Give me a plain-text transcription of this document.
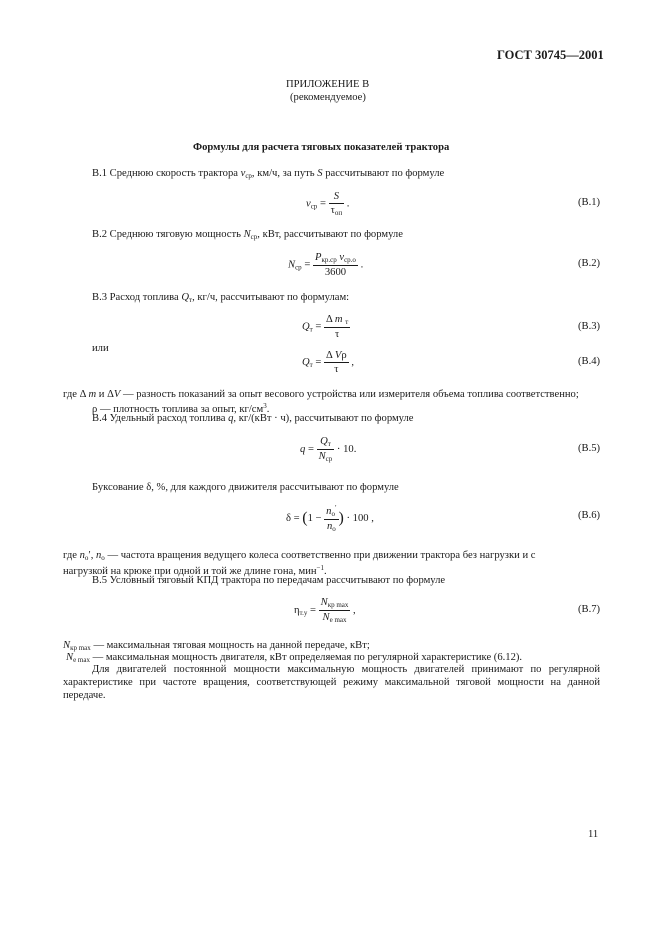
ГОСТ 30745—2001
ПРИЛОЖЕНИЕ В
(рекомендуемое)
Формулы для расчета тяговых показателей трактора
В.1 Среднюю скорость трактора $v_{ср}$, км/ч, за путь S рассчитывают по формуле
$v_{ср} = \frac{S}{\tau_{оп}}$ .	(В.1)
В.2 Среднюю тяговую мощность $N_{ср}$, кВт, рассчитывают по формуле
$N_{ср} = \frac{P_{кр.ср} v_{ср.о}}{3600}$ .	(В.2)
В.3 Расход топлива $Q_т$, кг/ч, рассчитывают по формулам:
$Q_т = \frac{\Delta m _т}{\tau}$	(В.3)
или
$Q_т = \frac{\text{Δ Vρ}}{\tau}$ ,	(В.4)
где Δ m и ΔV — разность показаний за опыт весового устройства или измерителя объема топлива соответственно;
ρ — плотность топлива за опыт, $кг/см^3$.
В.4 Удельный расход топлива q, кг/(кВт · ч), рассчитывают по формуле
$q = \frac{Q_т}{N_{ср}} \cdot 10$.	(В.5)
Буксование δ, %, для каждого движителя рассчитывают по формуле
$\delta = (1 - \frac{n_o'}{n_o}$ ) · 100 ,	(В.6)
где $n_o'$, $n_o$ — частота вращения ведущего колеса соответственно при движении трактора без нагрузки и с
нагрузкой на крюке при одной и той же длине гона, мин$^{-1}$.
В.5 Условный тяговый КПД трактора по передачам рассчитывают по формуле
$\eta_{т.у} = \frac{N_{кр max}}{N_{e max}}$ ,	(В.7)
$N_{кр max}$ — максимальная тяговая мощность на данной передаче, кВт;
$N_{e max}$ — максимальная мощность двигателя, кВт определяемая по регулярной характеристике (6.12).
Для двигателей постоянной мощности максимальную мощность двигателей принимают по регулярной характеристике при частоте вращения, соответствующей режиму максимальной тяговой мощности на данной передаче.
11
